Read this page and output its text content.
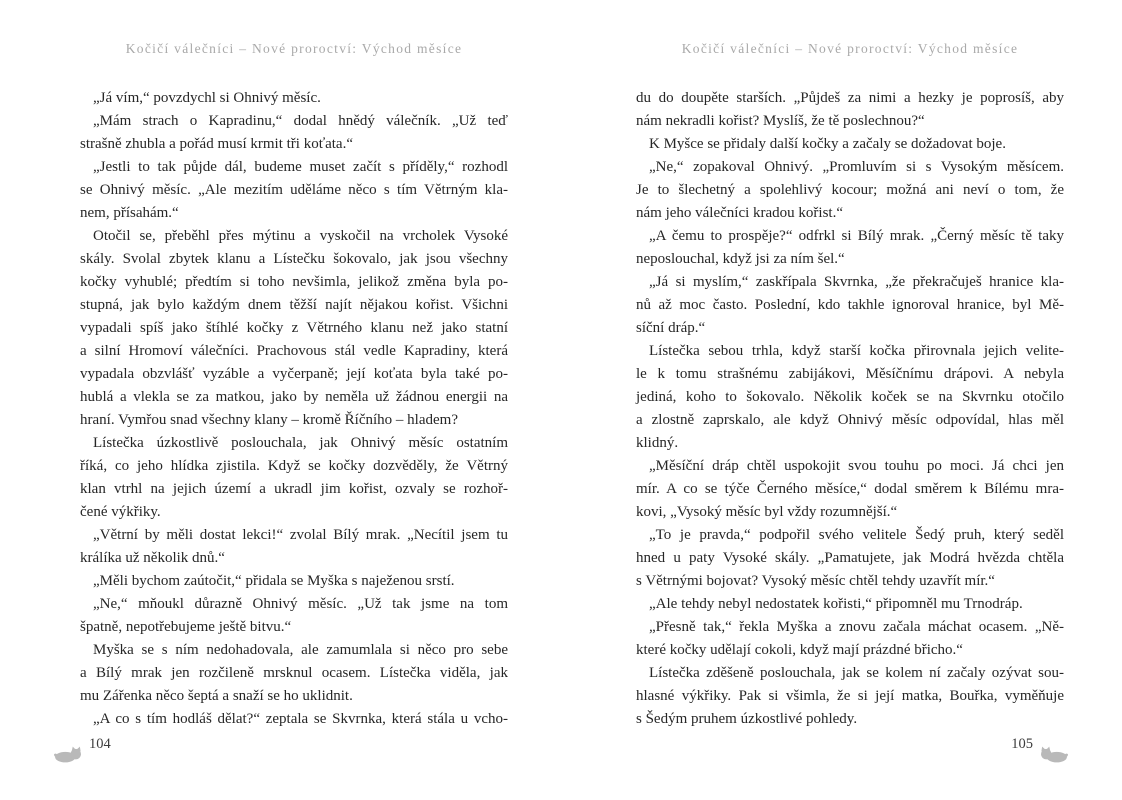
Kočičí válečníci – Nové proroctví: Východ měsíce

„Já vím,“ povzdychl si Ohnivý měsíc.

„Mám strach o Kapradinu,“ dodal hnědý válečník. „Už teď
strašně zhubla a pořád musí krmit tři koťata.“

„Jestli to tak půjde dál, budeme muset začít s příděly,“ rozhodl
se Ohnivý měsíc. „Ale mezitím uděláme něco s tím Větrným kla-
nem, přísahám.“

Otočil se, přeběhl přes mýtinu a vyskočil na vrcholek Vysoké
skály. Svolal zbytek klanu a Lístečku šokovalo, jak jsou všechny
kočky vyhublé; předtím si toho nevšimla, jelikož změna byla po-
stupná, jak bylo každým dnem těžší najít nějakou kořist. Všichni
vypadali spíš jako štíhlé kočky z Větrného klanu než jako statní
a silní Hromoví válečníci. Prachovous stál vedle Kapradiny, která
vypadala obzvlášť vyzáble a vyčerpaně; její koťata byla také po-
hublá a vlekla se za matkou, jako by neměla už žádnou energii na
hraní. Vymřou snad všechny klany – kromě Říčního – hladem?

Lístečka úzkostlivě poslouchala, jak Ohnivý měsíc ostatním
říká, co jeho hlídka zjistila. Když se kočky dozvěděly, že Větrný
klan vtrhl na jejich území a ukradl jim kořist, ozvaly se rozhoř-
čené výkřiky.

„Větrní by měli dostat lekci!“ zvolal Bílý mrak. „Necítil jsem tu
králíka už několik dnů.“

„Měli bychom zaútočit,“ přidala se Myška s naježenou srstí.

„Ne,“ mňoukl důrazně Ohnivý měsíc. „Už tak jsme na tom
špatně, nepotřebujeme ještě bitvu.“

Myška se s ním nedohadovala, ale zamumlala si něco pro sebe
a Bílý mrak jen rozčileně mrsknul ocasem. Lístečka viděla, jak
mu Zářenka něco šeptá a snaží se ho uklidnit.

„A co s tím hodláš dělat?“ zeptala se Skvrnka, která stála u vcho-

Kočičí válečníci – Nové proroctví: Východ měsíce

du do doupěte starších. „Půjdeš za nimi a hezky je poprosíš, aby
nám nekradli kořist? Myslíš, že tě poslechnou?“

K Myšce se přidaly další kočky a začaly se dožadovat boje.

„Ne,“ zopakoval Ohnivý. „Promluvím si s Vysokým měsícem.
Je to šlechetný a spolehlivý kocour; možná ani neví o tom, že
nám jeho válečníci kradou kořist.“

„A čemu to prospěje?“ odfrkl si Bílý mrak. „Černý měsíc tě taky
neposlouchal, když jsi za ním šel.“

„Já si myslím,“ zaskřípala Skvrnka, „že překračuješ hranice kla-
nů až moc často. Poslední, kdo takhle ignoroval hranice, byl Mě-
síční dráp.“

Lístečka sebou trhla, když starší kočka přirovnala jejich velite-
le k tomu strašnému zabijákovi, Měsíčnímu drápovi. A nebyla
jediná, koho to šokovalo. Několik koček se na Skvrnku otočilo
a zlostně zaprskalo, ale když Ohnivý měsíc odpovídal, hlas měl
klidný.

„Měsíční dráp chtěl uspokojit svou touhu po moci. Já chci jen
mír. A co se týče Černého měsíce,“ dodal směrem k Bílému mra-
kovi, „Vysoký měsíc byl vždy rozumnější.“

„To je pravda,“ podpořil svého velitele Šedý pruh, který seděl
hned u paty Vysoké skály. „Pamatujete, jak Modrá hvězda chtěla
s Větrnými bojovat? Vysoký měsíc chtěl tehdy uzavřít mír.“

„Ale tehdy nebyl nedostatek kořisti,“ připomněl mu Trnodráp.

„Přesně tak,“ řekla Myška a znovu začala máchat ocasem. „Ně-
které kočky udělají cokoli, když mají prázdné břicho.“

Lístečka zděšeně poslouchala, jak se kolem ní začaly ozývat sou-
hlasné výkřiky. Pak si všimla, že si její matka, Bouřka, vyměňuje
s Šedým pruhem úzkostlivé pohledy.

104	105
